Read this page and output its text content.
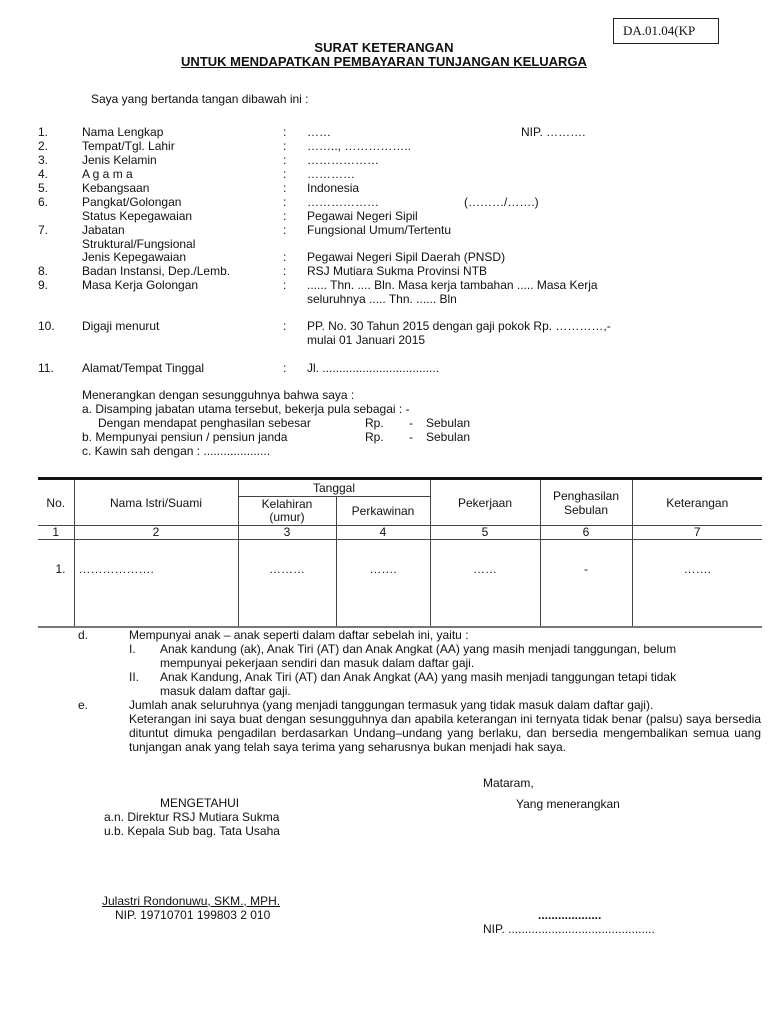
DA.01.04(KP
SURAT KETERANGAN
UNTUK MENDAPATKAN PEMBAYARAN TUNJANGAN KELUARGA
Saya yang bertanda tangan dibawah ini :
1.	Nama Lengkap	: ……	NIP. ……….
2.	Tempat/Tgl. Lahir	: …….., ……………..
3.	Jenis Kelamin	: ………………
4.	A g a m a	: …………
5.	Kebangsaan	: Indonesia
6.	Pangkat/Golongan	: ………………	(………/…….)
Status Kepegawaian	: Pegawai Negeri Sipil
7.	Jabatan	: Fungsional Umum/Tertentu
Struktural/Fungsional
Jenis Kepegawaian	: Pegawai Negeri Sipil Daerah (PNSD)
8.	Badan Instansi, Dep./Lemb.	: RSJ Mutiara Sukma Provinsi NTB
9.	Masa Kerja Golongan	: ...... Thn. .... Bln. Masa kerja tambahan ..... Masa Kerja
seluruhnya ..... Thn. ...... Bln
10. Digaji menurut	: PP. No. 30 Tahun 2015 dengan gaji pokok Rp. …………,-
mulai 01 Januari 2015
11. Alamat/Tempat Tinggal	: Jl. ...................................
Menerangkan dengan sesungguhnya bahwa saya :
a. Disamping jabatan utama tersebut, bekerja pula sebagai : -
Dengan mendapat penghasilan sebesar	Rp. - Sebulan
b. Mempunyai pensiun / pensiun janda	Rp. - Sebulan
c. Kawin sah dengan : ....................
No.	Nama Istri/Suami	Tanggal		Pekerjaan	Penghasilan Sebulan	Keterangan
		Kelahiran (umur)	Perkawinan			
1	2	3	4	5	6	7
1.	……………….	………	…….	……	-	…….
d.	Mempunyai anak – anak seperti dalam daftar sebelah ini, yaitu :
I. Anak kandung (ak), Anak Tiri (AT) dan Anak Angkat (AA) yang masih menjadi tanggungan, belum
mempunyai pekerjaan sendiri dan masuk dalam daftar gaji.
II. Anak Kandung, Anak Tiri (AT) dan Anak Angkat (AA) yang masih menjadi tanggungan tetapi tidak
masuk dalam daftar gaji.
e.	Jumlah anak seluruhnya (yang menjadi tanggungan termasuk yang tidak masuk dalam daftar gaji).
Keterangan ini saya buat dengan sesungguhnya dan apabila keterangan ini ternyata tidak benar (palsu) saya bersedia dituntut dimuka pengadilan berdasarkan Undang–undang yang berlaku, dan bersedia mengembalikan semua uang tunjangan anak yang telah saya terima yang seharusnya bukan menjadi hak saya.
Mataram,
Yang menerangkan
MENGETAHUI
a.n. Direktur RSJ Mutiara Sukma
u.b. Kepala Sub bag. Tata Usaha
Julastri Rondonuwu, SKM., MPH.
NIP. 19710701 199803 2 010	...................
NIP. ............................................
